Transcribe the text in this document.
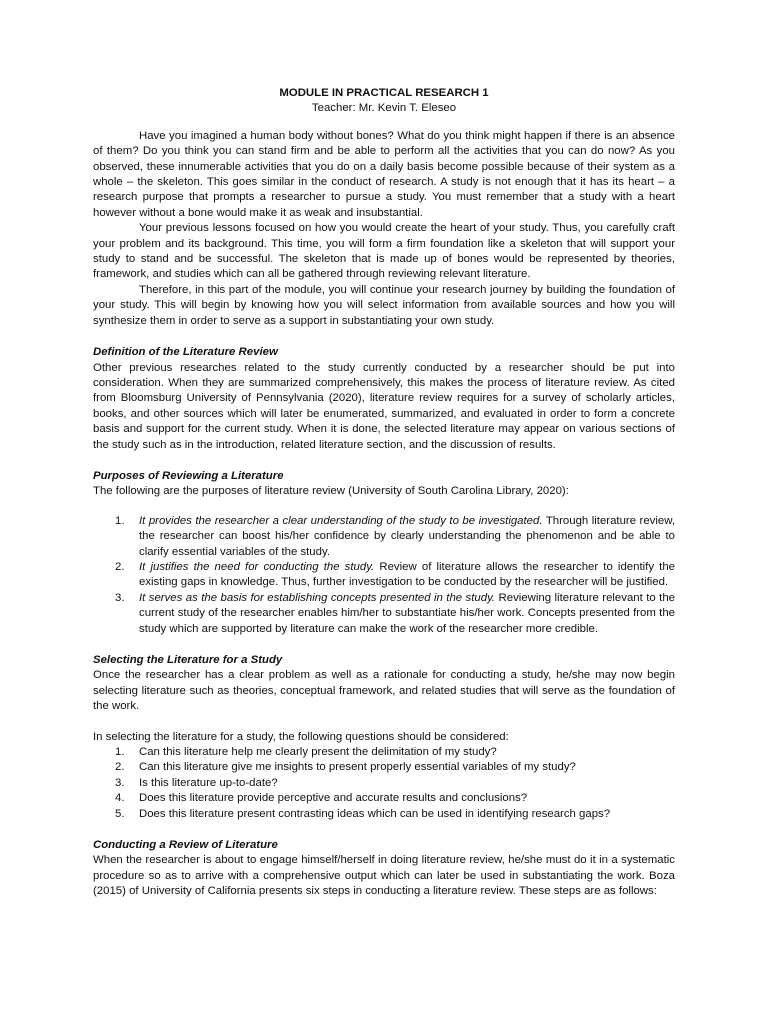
MODULE IN PRACTICAL RESEARCH 1

Teacher: Mr. Kevin T. Eleseo

Have you imagined a human body without bones? What do you think might happen if there is an absence of them? Do you think you can stand firm and be able to perform all the activities that you can do now? As you observed, these innumerable activities that you do on a daily basis become possible because of their system as a whole – the skeleton. This goes similar in the conduct of research. A study is not enough that it has its heart – a research purpose that prompts a researcher to pursue a study. You must remember that a study with a heart however without a bone would make it as weak and insubstantial.

Your previous lessons focused on how you would create the heart of your study. Thus, you carefully craft your problem and its background. This time, you will form a firm foundation like a skeleton that will support your study to stand and be successful. The skeleton that is made up of bones would be represented by theories, framework, and studies which can all be gathered through reviewing relevant literature.

Therefore, in this part of the module, you will continue your research journey by building the foundation of your study. This will begin by knowing how you will select information from available sources and how you will synthesize them in order to serve as a support in substantiating your own study.

Definition of the Literature Review

Other previous researches related to the study currently conducted by a researcher should be put into consideration. When they are summarized comprehensively, this makes the process of literature review. As cited from Bloomsburg University of Pennsylvania (2020), literature review requires for a survey of scholarly articles, books, and other sources which will later be enumerated, summarized, and evaluated in order to form a concrete basis and support for the current study. When it is done, the selected literature may appear on various sections of the study such as in the introduction, related literature section, and the discussion of results.

Purposes of Reviewing a Literature

The following are the purposes of literature review (University of South Carolina Library, 2020):

1. It provides the researcher a clear understanding of the study to be investigated. Through literature review, the researcher can boost his/her confidence by clearly understanding the phenomenon and be able to clarify essential variables of the study.
2. It justifies the need for conducting the study. Review of literature allows the researcher to identify the existing gaps in knowledge. Thus, further investigation to be conducted by the researcher will be justified.
3. It serves as the basis for establishing concepts presented in the study. Reviewing literature relevant to the current study of the researcher enables him/her to substantiate his/her work. Concepts presented from the study which are supported by literature can make the work of the researcher more credible.
Selecting the Literature for a Study

Once the researcher has a clear problem as well as a rationale for conducting a study, he/she may now begin selecting literature such as theories, conceptual framework, and related studies that will serve as the foundation of the work.

In selecting the literature for a study, the following questions should be considered:

1. Can this literature help me clearly present the delimitation of my study?
2. Can this literature give me insights to present properly essential variables of my study?
3. Is this literature up-to-date?
4. Does this literature provide perceptive and accurate results and conclusions?
5. Does this literature present contrasting ideas which can be used in identifying research gaps?
Conducting a Review of Literature

When the researcher is about to engage himself/herself in doing literature review, he/she must do it in a systematic procedure so as to arrive with a comprehensive output which can later be used in substantiating the work. Boza (2015) of University of California presents six steps in conducting a literature review. These steps are as follows:
